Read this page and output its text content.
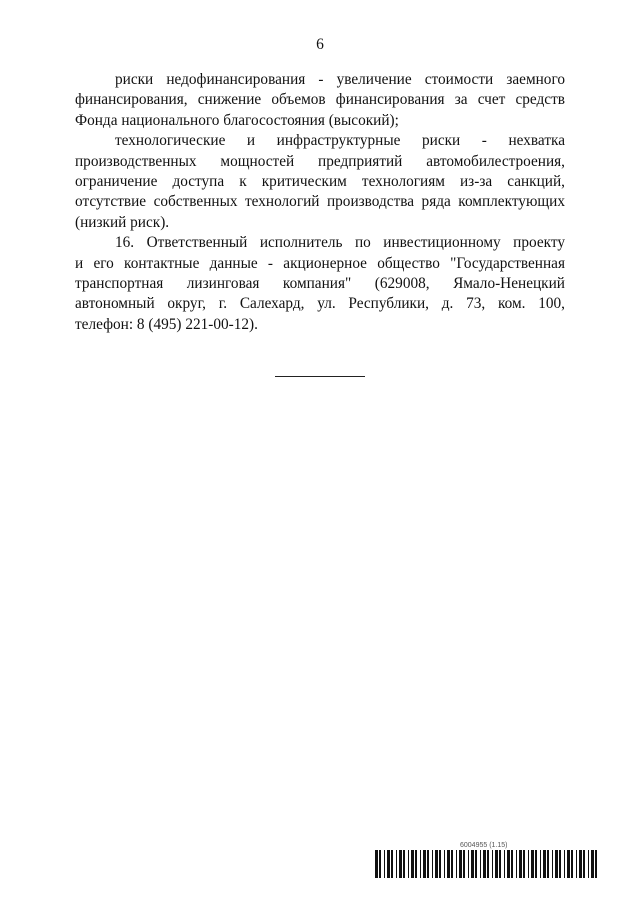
6
риски недофинансирования - увеличение стоимости заемного
финансирования, снижение объемов финансирования за счет средств
Фонда национального благосостояния (высокий);
технологические и инфраструктурные риски - нехватка
производственных мощностей предприятий автомобилестроения,
ограничение доступа к критическим технологиям из-за санкций,
отсутствие собственных технологий производства ряда комплектующих
(низкий риск).
16. Ответственный исполнитель по инвестиционному проекту
и его контактные данные - акционерное общество "Государственная
транспортная лизинговая компания" (629008, Ямало-Ненецкий
автономный округ, г. Салехард, ул. Республики, д. 73, ком. 100,
телефон: 8 (495) 221-00-12).
6004955 (1.15)
